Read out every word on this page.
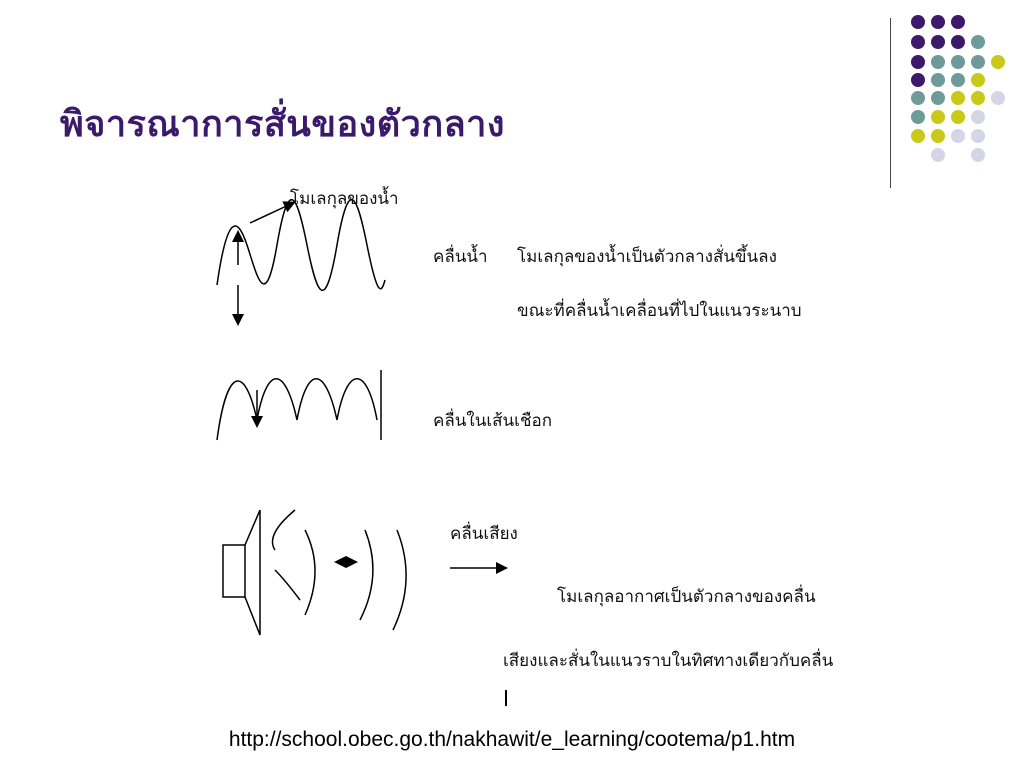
พิจารณาการสั่นของตัวกลาง
โมเลกุลของน้ำ
คลื่นน้ำ โมเลกุลของน้ำเป็นตัวกลางสั่นขึ้นลง
ขณะที่คลื่นน้ำเคลื่อนที่ไปในแนวระนาบ
คลื่นในเส้นเชือก
คลื่นเสียง
โมเลกุลอากาศเป็นตัวกลางของคลื่น
เสียงและสั่นในแนวราบในทิศทางเดียวกับคลื่น
http://school.obec.go.th/nakhawit/e_learning/cootema/p1.htm
